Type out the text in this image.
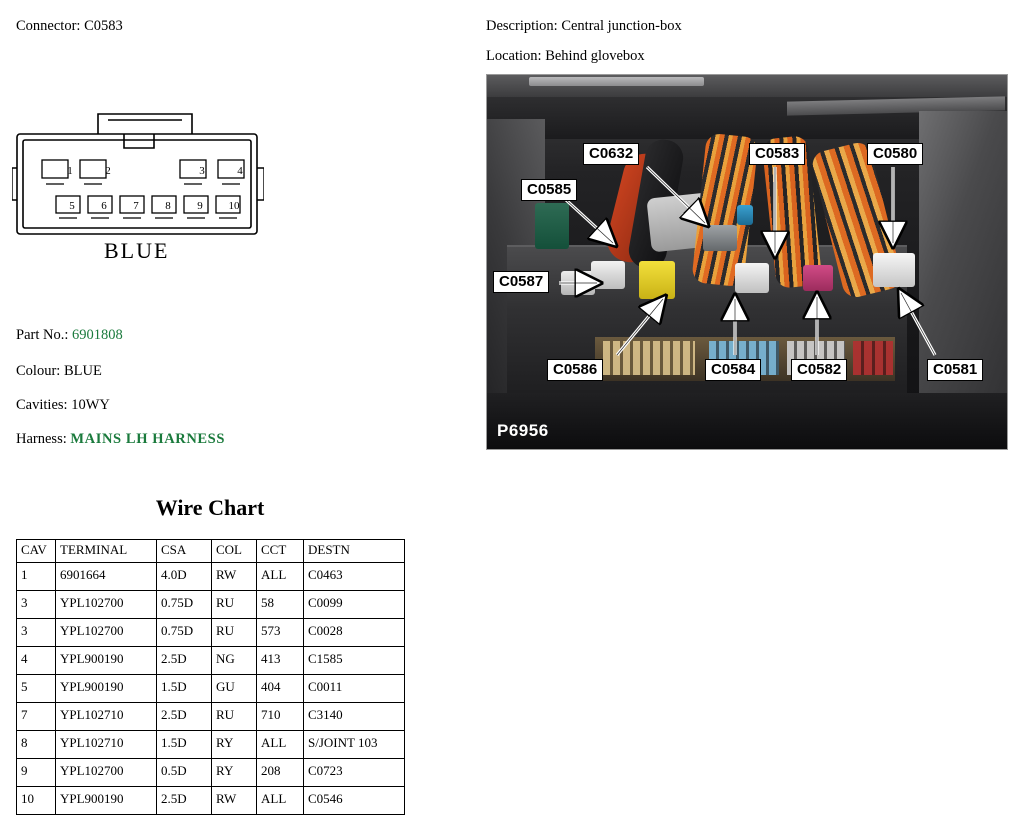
Connector: C0583
1	2	3	4
5 6 7 8 9 10
BLUE
Part No.: 6901808
Colour: BLUE
Cavities: 10WY
Harness: MAINS LH HARNESS
Wire Chart
CAV	TERMINAL	CSA	COL	CCT	DESTN
1	6901664	4.0D	RW	ALL	C0463
3	YPL102700	0.75D	RU	58	C0099
3	YPL102700	0.75D	RU	573	C0028
4	YPL900190	2.5D	NG	413	C1585
5	YPL900190	1.5D	GU	404	C0011
7	YPL102710	2.5D	RU	710	C3140
8	YPL102710	1.5D	RY	ALL	S/JOINT 103
9	YPL102700	0.5D	RY	208	C0723
10	YPL900190	2.5D	RW	ALL	C0546
Description: Central junction-box
Location: Behind glovebox
C0585
C0632	C0583	C0580
C0587
C0586	C0584	C0582	C0581
P6956
